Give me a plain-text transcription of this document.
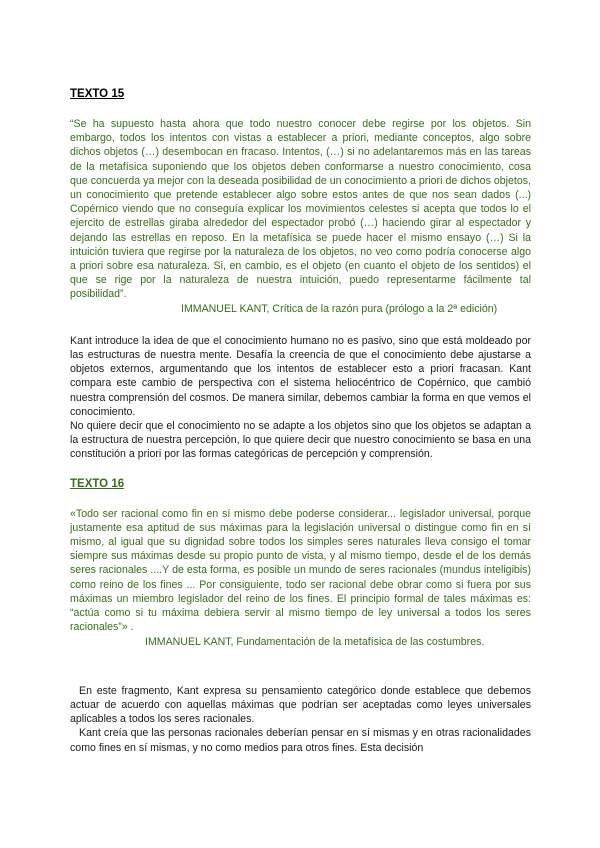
TEXTO 15

“Se ha supuesto hasta ahora que todo nuestro conocer debe regirse por los objetos. Sin embargo, todos los intentos con vistas a establecer a priori, mediante conceptos, algo sobre dichos objetos (…) desembocan en fracaso. Intentos, (…) si no adelantaremos más en las tareas de la metafísica suponiendo que los objetos deben conformarse a nuestro conocimiento, cosa que concuerda ya mejor con la deseada posibilidad de un conocimiento a priori de dichos objetos, un conocimiento que pretende establecer algo sobre estos antes de que nos sean dados (...) Copérnico viendo que no conseguía explicar los movimientos celestes si acepta que todos lo el ejercito de estrellas giraba alrededor del espectador probó (…) haciendo girar al espectador y dejando las estrellas en reposo. En la metafísica se puede hacer el mismo ensayo (…) Si la intuición tuviera que regirse por la naturaleza de los objetos, no veo como podría conocerse algo a priori sobre esa naturaleza. Si, en cambio, es el objeto (en cuanto el objeto de los sentidos) el que se rige por la naturaleza de nuestra intuición, puedo representarme fácilmente tal posibilidad”.

IMMANUEL KANT, Crítica de la razón pura (prólogo a la 2ª edición)

Kant introduce la idea de que el conocimiento humano no es pasivo, sino que está moldeado por las estructuras de nuestra mente. Desafía la creencia de que el conocimiento debe ajustarse a objetos externos, argumentando que los intentos de establecer esto a priori fracasan. Kant compara este cambio de perspectiva con el sistema heliocéntrico de Copérnico, que cambió nuestra comprensión del cosmos. De manera similar, debemos cambiar la forma en que vemos el conocimiento.

No quiere decir que el conocimiento no se adapte a los objetos sino que los objetos se adaptan a la estructura de nuestra percepción, lo que quiere decir que nuestro conocimiento se basa en una constitución a priori por las formas categóricas de percepción y comprensión.

TEXTO 16

«Todo ser racional como fin en sí mismo debe poderse considerar... legislador universal, porque justamente esa aptitud de sus máximas para la legislación universal o distingue como fin en sí mismo, al igual que su dignidad sobre todos los simples seres naturales lleva consigo el tomar siempre sus máximas desde su propio punto de vista, y al mismo tiempo, desde el de los demás seres racionales ....Y de esta forma, es posible un mundo de seres racionales (mundus inteligibis) como reino de los fines ... Por consiguiente, todo ser racional debe obrar como si fuera por sus máximas un miembro legislador del reino de los fines. El principio formal de tales máximas es: “actúa como si tu máxima debiera servir al mismo tiempo de ley universal a todos los seres racionales”» .

IMMANUEL KANT, Fundamentación de la metafísica de las costumbres.

En este fragmento, Kant expresa su pensamiento categórico donde establece que debemos actuar de acuerdo con aquellas máximas que podrían ser aceptadas como leyes universales aplicables a todos los seres racionales.

Kant creía que las personas racionales deberían pensar en sí mismas y en otras racionalidades como fines en sí mismas, y no como medios para otros fines. Esta decisión
